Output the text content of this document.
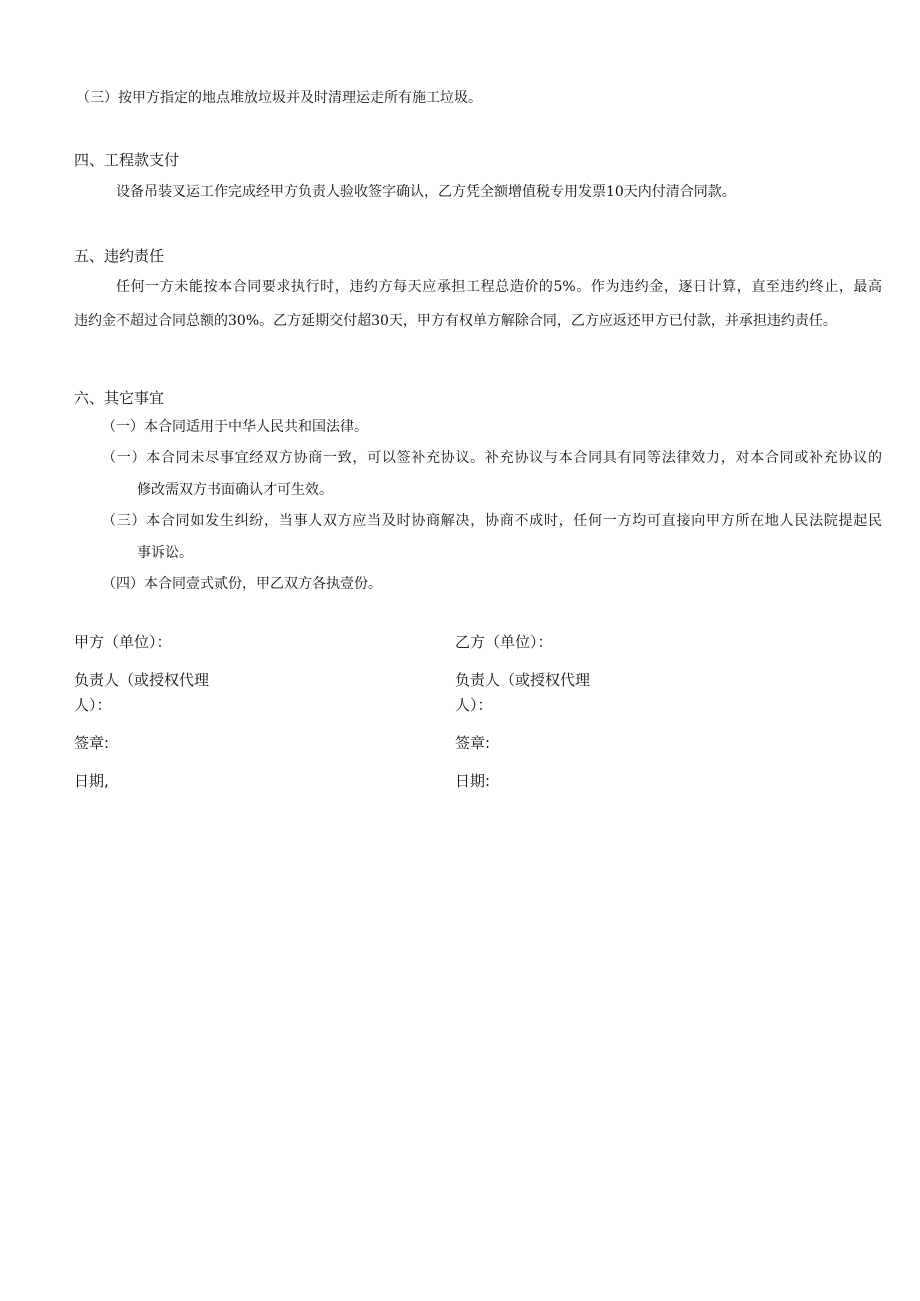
（三）按甲方指定的地点堆放垃圾并及时清理运走所有施工垃圾。
四、工程款支付
设备吊装叉运工作完成经甲方负责人验收签字确认，乙方凭全额增值税专用发票10天内付清合同款。
五、违约责任
任何一方未能按本合同要求执行时，违约方每天应承担工程总造价的5%。作为违约金，逐日计算，直至违约终止，最高
违约金不超过合同总额的30%。乙方延期交付超30天，甲方有权单方解除合同，乙方应返还甲方已付款，并承担违约责任。
六、其它事宜
（一）本合同适用于中华人民共和国法律。
（一）本合同未尽事宜经双方协商一致，可以签补充协议。补充协议与本合同具有同等法律效力，对本合同或补充协议的
修改需双方书面确认才可生效。
（三）本合同如发生纠纷，当事人双方应当及时协商解决，协商不成时，任何一方均可直接向甲方所在地人民法院提起民
事诉讼。
（四）本合同壹式贰份，甲乙双方各执壹份。
甲方（单位）：
负责人（或授权代理
人）：
签章:
日期,
乙方（单位）：
负责人（或授权代理
人）：
签章:
日期:
